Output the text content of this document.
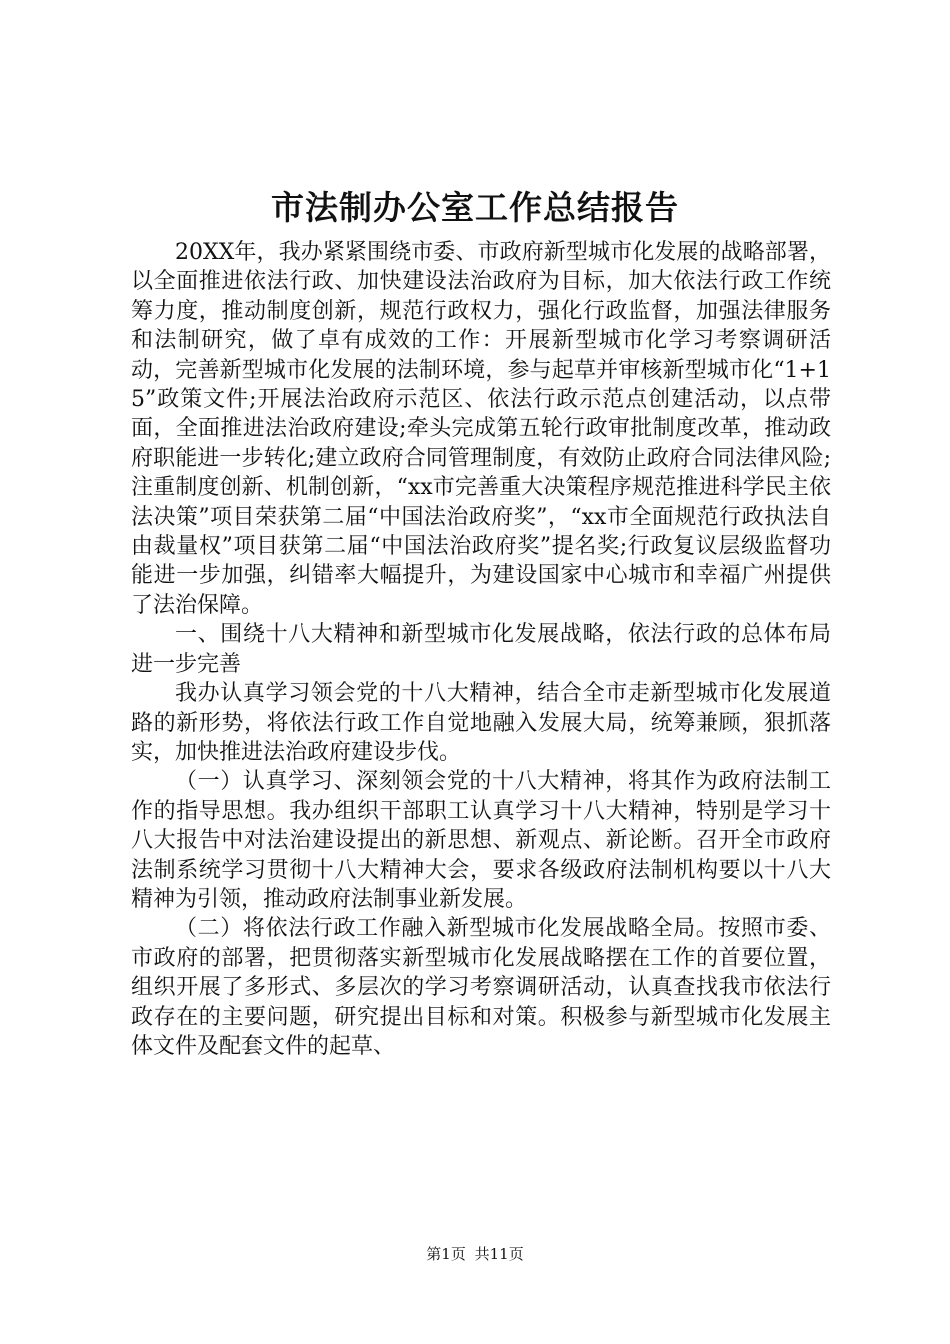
市法制办公室工作总结报告

20XX年，我办紧紧围绕市委、市政府新型城市化发展的战略部署，以全面推进依法行政、加快建设法治政府为目标，加大依法行政工作统筹力度，推动制度创新，规范行政权力，强化行政监督，加强法律服务和法制研究，做了卓有成效的工作：开展新型城市化学习考察调研活动，完善新型城市化发展的法制环境，参与起草并审核新型城市化“1+15”政策文件;开展法治政府示范区、依法行政示范点创建活动，以点带面，全面推进法治政府建设;牵头完成第五轮行政审批制度改革，推动政府职能进一步转化;建立政府合同管理制度，有效防止政府合同法律风险;注重制度创新、机制创新，“xx市完善重大决策程序规范推进科学民主依法决策”项目荣获第二届“中国法治政府奖”，“xx市全面规范行政执法自由裁量权”项目获第二届“中国法治政府奖”提名奖;行政复议层级监督功能进一步加强，纠错率大幅提升，为建设国家中心城市和幸福广州提供了法治保障。

一、围绕十八大精神和新型城市化发展战略，依法行政的总体布局进一步完善

我办认真学习领会党的十八大精神，结合全市走新型城市化发展道路的新形势，将依法行政工作自觉地融入发展大局，统筹兼顾，狠抓落实，加快推进法治政府建设步伐。

（一）认真学习、深刻领会党的十八大精神，将其作为政府法制工作的指导思想。我办组织干部职工认真学习十八大精神，特别是学习十八大报告中对法治建设提出的新思想、新观点、新论断。召开全市政府法制系统学习贯彻十八大精神大会，要求各级政府法制机构要以十八大精神为引领，推动政府法制事业新发展。

（二）将依法行政工作融入新型城市化发展战略全局。按照市委、市政府的部署，把贯彻落实新型城市化发展战略摆在工作的首要位置，组织开展了多形式、多层次的学习考察调研活动，认真查找我市依法行政存在的主要问题，研究提出目标和对策。积极参与新型城市化发展主体文件及配套文件的起草、

第1页 共11页
